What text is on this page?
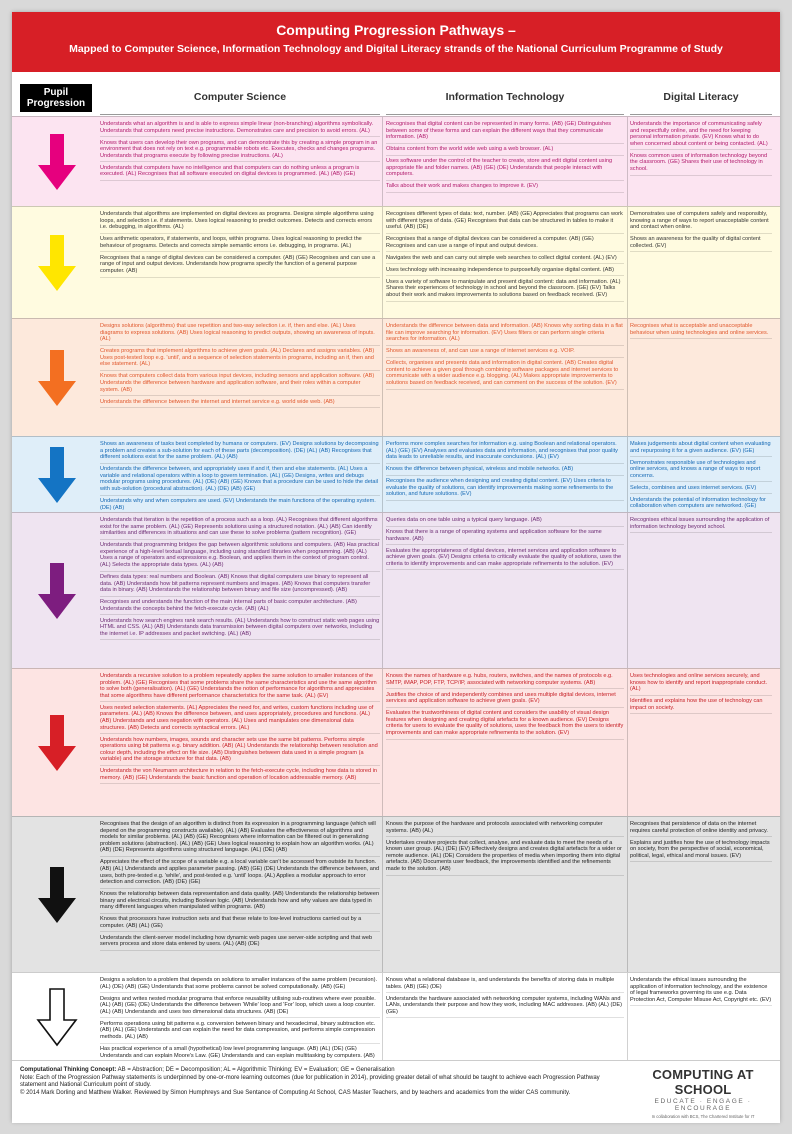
Computing Progression Pathways –
Mapped to Computer Science, Information Technology and Digital Literacy strands of the National Curriculum Programme of Study
Pupil Progression
Computer Science	Information Technology	Digital Literacy

Understands what an algorithm is and is able to express simple linear (non-branching) algorithms symbolically. Understands that computers need precise instructions. Demonstrates care and precision to avoid errors. (AL)

Knows that users can develop their own programs, and can demonstrate this by creating a simple program in an environment that does not rely on text e.g. programmable robots etc. Executes, checks and changes programs. Understands that programs execute by following precise instructions. (AL)

Understands that computers have no intelligence and that computers can do nothing unless a program is executed. (AL) Recognises that all software executed on digital devices is programmed. (AL) (AB) (GE)

Recognises that digital content can be represented in many forms. (AB) (GE) Distinguishes between some of these forms and can explain the different ways that they communicate information. (AB)

Obtains content from the world wide web using a web browser. (AL)

Uses software under the control of the teacher to create, store and edit digital content using appropriate file and folder names. (AB) (GE) (DE) Understands that people interact with computers.

Talks about their work and makes changes to improve it. (EV)

Understands the importance of communicating safely and respectfully online, and the need for keeping personal information private. (EV) Knows what to do when concerned about content or being contacted. (AL)

Knows common uses of information technology beyond the classroom. (GE) Shares their use of technology in school.

Understands that algorithms are implemented on digital devices as programs. Designs simple algorithms using loops, and selection i.e. if statements. Uses logical reasoning to predict outcomes. Detects and corrects errors i.e. debugging, in algorithms. (AL)

Uses arithmetic operators, if statements, and loops, within programs. Uses logical reasoning to predict the behaviour of programs. Detects and corrects simple semantic errors i.e. debugging, in programs. (AL)

Recognises that a range of digital devices can be considered a computer. (AB) (GE) Recognises and can use a range of input and output devices. Understands how programs specify the function of a general purpose computer. (AB)

Recognises different types of data: text, number. (AB) (GE) Appreciates that programs can work with different types of data. (GE) Recognises that data can be structured in tables to make it useful. (AB) (DE)

Recognises that a range of digital devices can be considered a computer. (AB) (GE) Recognises and can use a range of input and output devices.

Navigates the web and can carry out simple web searches to collect digital content. (AL) (EV)

Uses technology with increasing independence to purposefully organise digital content. (AB)

Uses a variety of software to manipulate and present digital content: data and information. (AL) Shares their experiences of technology in school and beyond the classroom. (GE) (EV) Talks about their work and makes improvements to solutions based on feedback received. (EV)

Demonstrates use of computers safely and responsibly, knowing a range of ways to report unacceptable content and contact when online.

Shows an awareness for the quality of digital content collected. (EV)

Designs solutions (algorithms) that use repetition and two-way selection i.e. if, then and else. (AL) Uses diagrams to express solutions. (AB) Uses logical reasoning to predict outputs, showing an awareness of inputs. (AL)

Creates programs that implement algorithms to achieve given goals. (AL) Declares and assigns variables. (AB) Uses post-tested loop e.g. 'until', and a sequence of selection statements in programs, including an if, then and else statement. (AL)

Knows that computers collect data from various input devices, including sensors and application software. (AB) Understands the difference between hardware and application software, and their roles within a computer system. (AB)

Understands the difference between the internet and internet service e.g. world wide web. (AB)

Understands the difference between data and information. (AB) Knows why sorting data in a flat file can improve searching for information. (EV) Uses filters or can perform single criteria searches for information. (AL)

Shows an awareness of, and can use a range of internet services e.g. VOIP.

Collects, organises and presents data and information in digital content. (AB) Creates digital content to achieve a given goal through combining software packages and internet services to communicate with a wider audience e.g. blogging. (AL) Makes appropriate improvements to solutions based on feedback received, and can comment on the success of the solution. (EV)

Recognises what is acceptable and unacceptable behaviour when using technologies and online services.

Shows an awareness of tasks best completed by humans or computers. (EV) Designs solutions by decomposing a problem and creates a sub-solution for each of these parts (decomposition). (DE) (AL) (AB) Recognises that different solutions exist for the same problem. (AL) (AB)

Understands the difference between, and appropriately uses if and if, then and else statements. (AL) Uses a variable and relational operators within a loop to govern termination. (AL) (GE) Designs, writes and debugs modular programs using procedures. (AL) (DE) (AB) (GE) Knows that a procedure can be used to hide the detail with sub-solution (procedural abstraction). (AL) (DE) (AB) (GE)

Understands why and when computers are used. (EV) Understands the main functions of the operating system. (DE) (AB)

Performs more complex searches for information e.g. using Boolean and relational operators. (AL) (GE) (EV) Analyses and evaluates data and information, and recognises that poor quality data leads to unreliable results, and inaccurate conclusions. (AL) (EV)

Knows the difference between physical, wireless and mobile networks. (AB)

Recognises the audience when designing and creating digital content. (EV) Uses criteria to evaluate the quality of solutions, can identify improvements making some refinements to the solution, and future solutions. (EV)

Makes judgements about digital content when evaluating and repurposing it for a given audience. (EV) (GE)

Demonstrates responsible use of technologies and online services, and knows a range of ways to report concerns.

Selects, combines and uses internet services. (EV)

Understands the potential of information technology for collaboration when computers are networked. (GE)

Understands that iteration is the repetition of a process such as a loop. (AL) Recognises that different algorithms exist for the same problem. (AL) (GE) Represents solutions using a structured notation. (AL) (AB) Can identify similarities and differences in situations and can use these to solve problems (pattern recognition). (GE)

Understands that programming bridges the gap between algorithmic solutions and computers. (AB) Has practical experience of a high-level textual language, including using standard libraries when programming. (AB) (AL) Uses a range of operators and expressions e.g. Boolean, and applies them in the context of program control. (AL) Selects the appropriate data types. (AL) (AB)

Defines data types: real numbers and Boolean. (AB) Knows that digital computers use binary to represent all data. (AB) Understands how bit patterns represent numbers and images. (AB) Knows that computers transfer data in binary. (AB) Understands the relationship between binary and file size (uncompressed). (AB)

Recognises and understands the function of the main internal parts of basic computer architecture. (AB) Understands the concepts behind the fetch-execute cycle. (AB) (AL)

Understands how search engines rank search results. (AL) Understands how to construct static web pages using HTML and CSS. (AL) (AB) Understands data transmission between digital computers over networks, including the internet i.e. IP addresses and packet switching. (AL) (AB)

Queries data on one table using a typical query language. (AB)

Knows that there is a range of operating systems and application software for the same hardware. (AB)

Evaluates the appropriateness of digital devices, internet services and application software to achieve given goals. (EV) Designs criteria to critically evaluate the quality of solutions, uses the criteria to identify improvements and can make appropriate refinements to the solution. (EV)

Recognises ethical issues surrounding the application of information technology beyond school.

Understands a recursive solution to a problem repeatedly applies the same solution to smaller instances of the problem. (AL) (GE) Recognises that some problems share the same characteristics and use the same algorithm to solve both (generalisation). (AL) (GE) Understands the notion of performance for algorithms and appreciates that some algorithms have different performance characteristics for the same task. (AL) (EV)

Uses nested selection statements. (AL) Appreciates the need for, and writes, custom functions including use of parameters. (AL) (AB) Knows the difference between, and uses appropriately, procedures and functions. (AL) (AB) Understands and uses negation with operators. (AL) Uses and manipulates one dimensional data structures. (AB) Detects and corrects syntactical errors. (AL)

Understands how numbers, images, sounds and character sets use the same bit patterns. Performs simple operations using bit patterns e.g. binary addition. (AB) (AL) Understands the relationship between resolution and colour depth, including the effect on file size. (AB) Distinguishes between data used in a simple program (a variable) and the storage structure for that data. (AB)

Understands the von Neumann architecture in relation to the fetch-execute cycle, including how data is stored in memory. (AB) (GE) Understands the basic function and operation of location addressable memory. (AB)

Knows the names of hardware e.g. hubs, routers, switches, and the names of protocols e.g. SMTP, iMAP, POP, FTP, TCP/IP, associated with networking computer systems. (AB)

Justifies the choice of and independently combines and uses multiple digital devices, internet services and application software to achieve given goals. (EV)

Evaluates the trustworthiness of digital content and considers the usability of visual design features when designing and creating digital artefacts for a known audience. (EV) Designs criteria for users to evaluate the quality of solutions, uses the feedback from the users to identify improvements and can make appropriate refinements to the solution. (EV)

Uses technologies and online services securely, and knows how to identify and report inappropriate conduct. (AL)

Identifies and explains how the use of technology can impact on society.

Recognises that the design of an algorithm is distinct from its expression in a programming language (which will depend on the programming constructs available). (AL) (AB) Evaluates the effectiveness of algorithms and models for similar problems. (AL) (AB) (GE) Recognises where information can be filtered out in generalizing problem solutions (abstraction). (AL) (AB) (GE) Uses logical reasoning to explain how an algorithm works. (AL) (AB) (DE) Represents algorithms using structured language. (AL) (DE) (AB)

Appreciates the effect of the scope of a variable e.g. a local variable can't be accessed from outside its function. (AB) (AL) Understands and applies parameter passing. (AB) (GE) (DE) Understands the difference between, and uses, both pre-tested e.g. 'while', and post-tested e.g. 'until' loops. (AL) Applies a modular approach to error detection and correction. (AB) (DE) (GE)

Knows the relationship between data representation and data quality. (AB) Understands the relationship between binary and electrical circuits, including Boolean logic. (AB) Understands how and why values are data typed in many different languages when manipulated within programs. (AB)

Knows that processors have instruction sets and that these relate to low-level instructions carried out by a computer. (AB) (AL) (GE)

Understands the client-server model including how dynamic web pages use server-side scripting and that web servers process and store data entered by users. (AL) (AB) (DE)

Knows the purpose of the hardware and protocols associated with networking computer systems. (AB) (AL)

Undertakes creative projects that collect, analyse, and evaluate data to meet the needs of a known user group. (AL) (DE) (EV) Effectively designs and creates digital artefacts for a wider or remote audience. (AL) (DE) Considers the properties of media when importing them into digital artefacts. (AB) Documents user feedback, the improvements identified and the refinements made to the solution. (AB)

Recognises that persistence of data on the internet requires careful protection of online identity and privacy.

Explains and justifies how the use of technology impacts on society, from the perspective of social, economical, political, legal, ethical and moral issues. (EV)

Designs a solution to a problem that depends on solutions to smaller instances of the same problem (recursion). (AL) (DE) (AB) (GE) Understands that some problems cannot be solved computationally. (AB) (GE)

Designs and writes nested modular programs that enforce reusability utilising sub-routines where ever possible. (AL) (AB) (GE) (DE) Understands the difference between 'While' loop and 'For' loop, which uses a loop counter. (AL) (AB) Understands and uses two dimensional data structures. (AB) (DE)

Performs operations using bit patterns e.g. conversion between binary and hexadecimal, binary subtraction etc. (AB) (AL) (GE) Understands and can explain the need for data compression, and performs simple compression methods. (AL) (AB)

Has practical experience of a small (hypothetical) low level programming language. (AB) (AL) (DE) (GE) Understands and can explain Moore's Law. (GE) Understands and can explain multitasking by computers. (AB)

Knows what a relational database is, and understands the benefits of storing data in multiple tables. (AB) (GE) (DE)

Understands the hardware associated with networking computer systems, including WANs and LANs, understands their purpose and how they work, including MAC addresses. (AB) (AL) (DE) (GE)

Understands the ethical issues surrounding the application of information technology, and the existence of legal frameworks governing its use e.g. Data Protection Act, Computer Misuse Act, Copyright etc. (EV)

Computational Thinking Concept: AB = Abstraction; DE = Decomposition; AL = Algorithmic Thinking; EV = Evaluation; GE = Generalisation
Note: Each of the Progression Pathway statements is underpinned by one-or-more learning outcomes (due for publication in 2014), providing greater detail of what should be taught to achieve each Progression Pathway statement and National Curriculum point of study.
© 2014 Mark Dorling and Matthew Walker. Reviewed by Simon Humphreys and Sue Sentance of Computing At School, CAS Master Teachers, and by teachers and academics from the wider CAS community.
COMPUTING AT SCHOOL
EDUCATE · ENGAGE · ENCOURAGE
In collaboration with BCS, The Chartered Institute for IT
